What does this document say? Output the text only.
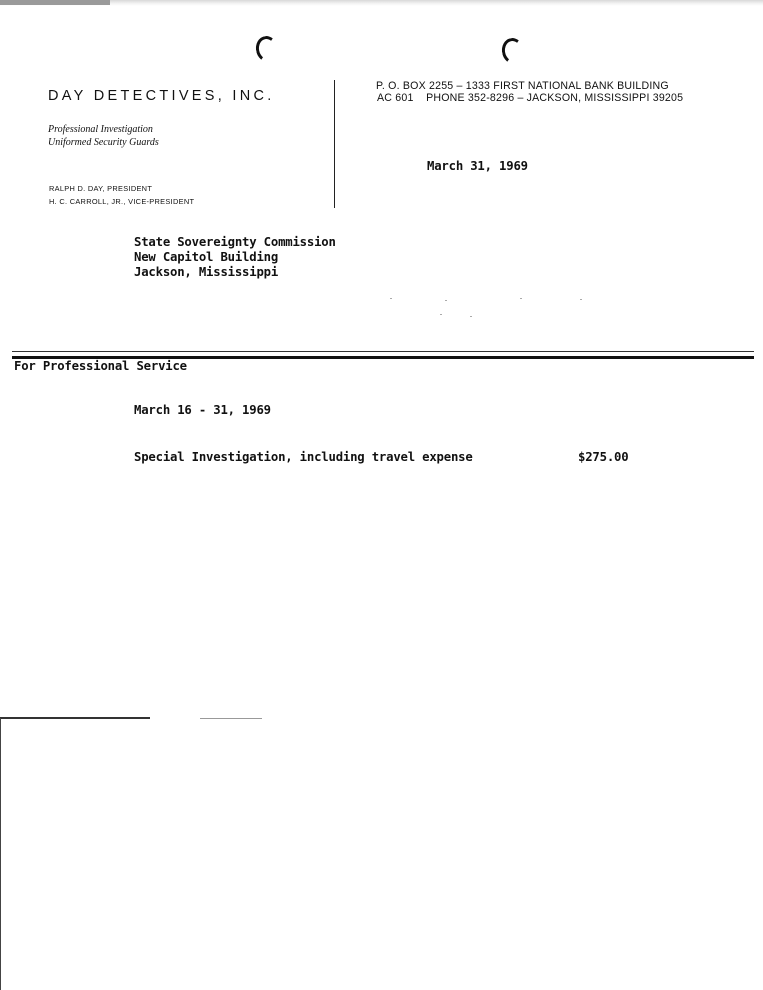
DAY DETECTIVES, INC.
Professional Investigation
Uniformed Security Guards
RALPH D. DAY, PRESIDENT
H. C. CARROLL, JR., VICE-PRESIDENT
P. O. BOX 2255 – 1333 FIRST NATIONAL BANK BUILDING
AC 601    PHONE 352-8296 – JACKSON, MISSISSIPPI 39205
March 31, 1969
State Sovereignty Commission
New Capitol Building
Jackson, Mississippi
For Professional Service
March 16 - 31, 1969
Special Investigation, including travel expense	$275.00
